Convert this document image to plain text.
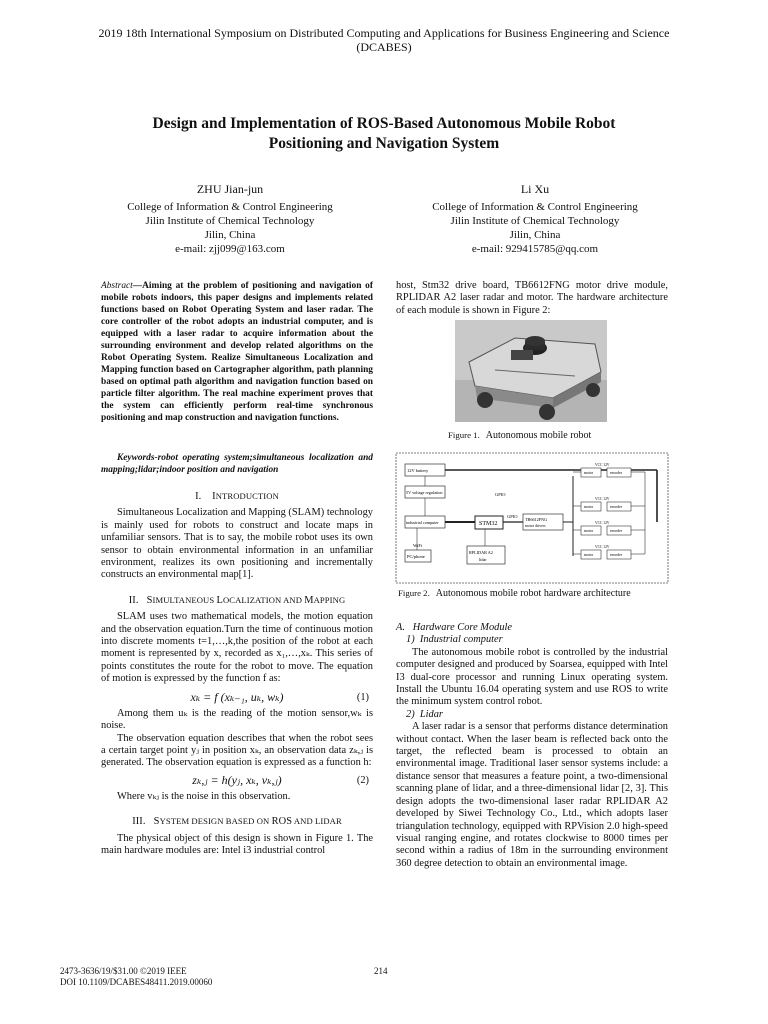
2019 18th International Symposium on Distributed Computing and Applications for Business Engineering and Science
(DCABES)
Design and Implementation of ROS-Based Autonomous Mobile Robot
Positioning and Navigation System
ZHU Jian-jun
College of Information & Control Engineering
Jilin Institute of Chemical Technology
Jilin, China
e-mail: zjj099@163.com
Li Xu
College of Information & Control Engineering
Jilin Institute of Chemical Technology
Jilin, China
e-mail: 929415785@qq.com

Abstract—Aiming at the problem of positioning and navigation of mobile robots indoors, this paper designs and implements related functions based on Robot Operating System and laser radar. The core controller of the robot adopts an industrial computer, and is equipped with a laser radar to acquire information about the surrounding environment and develop related algorithms on the Robot Operating System. Realize Simultaneous Localization and Mapping function based on Cartographer algorithm, path planning based on optimal path algorithm and navigation function based on particle filter algorithm. The real machine experiment proves that the system can efficiently perform real-time synchronous positioning and map construction and navigation functions.

Keywords-robot operating system;simultaneous localization and mapping;lidar;indoor position and navigation

I. INTRODUCTION

Simultaneous Localization and Mapping (SLAM) technology is mainly used for robots to construct and locate maps in unfamiliar sensors. That is to say, the mobile robot uses its own sensor to obtain environmental information in an unfamiliar environment, realizes its own positioning and incrementally constructs an environmental map[1].

II. SIMULTANEOUS LOCALIZATION AND MAPPING

SLAM uses two mathematical models, the motion equation and the observation equation.Turn the time of continuous motion into discrete moments t=1,…,k,the position of the robot at each moment is represented by x, recorded as x₁,…,xₖ. This series of points constitutes the route for the robot to move. The equation of motion is expressed by the function f as:

xₖ = f (xₖ₋₁, uₖ, wₖ)	(1)

Among them uₖ is the reading of the motion sensor,wₖ is noise.

The observation equation describes that when the robot sees a certain target point yⱼ in position xₖ, an observation data zₖ,ⱼ is generated. The observation equation is expressed as a function h:

zₖ,ⱼ = h(yⱼ, xₖ, vₖ,ⱼ)	(2)

Where vₖⱼ is the noise in this observation.

III. SYSTEM DESIGN BASED ON ROS AND LIDAR

The physical object of this design is shown in Figure 1. The main hardware modules are: Intel i3 industrial control

host, Stm32 drive board, TB6612FNG motor drive module, RPLIDAR A2 laser radar and motor. The hardware architecture of each module is shown in Figure 2:

Figure 1. Autonomous mobile robot
12V battery
5V voltage regulation
industrial computer
PC/phone
WiFi
GPIO
STM32
GPIO
TB6612FNG
motor drivers
RPLIDAR A2
lidar
VCC 12V
motor	encoder
VCC 12V
motor	encoder
VCC 12V
motor	encoder
VCC 12V
motor	encoder
Figure 2. Autonomous mobile robot hardware architecture
A. Hardware Core Module
1) Industrial computer

The autonomous mobile robot is controlled by the industrial computer designed and produced by Soarsea, equipped with Intel I3 dual-core processor and running Linux operating system. Install the Ubuntu 16.04 operating system and use ROS to write the minimum system control robot.

2) Lidar

A laser radar is a sensor that performs distance determination without contact. When the laser beam is reflected back onto the target, the reflected beam is processed to obtain an environmental image. Traditional laser sensor systems include: a distance sensor that measures a feature point, a two-dimensional scanning plane of lidar, and a three-dimensional lidar [2, 3]. This design adopts the two-dimensional laser radar RPLIDAR A2 developed by Siwei Technology Co., Ltd., which adopts laser triangulation technology, equipped with RPVision 2.0 high-speed visual ranging engine, and rotates clockwise to 8000 times per second within a radius of 18m in the surrounding environment 360 degree detection to obtain an environmental image.

2473-3636/19/$31.00 ©2019 IEEE
DOI 10.1109/DCABES48411.2019.00060
214
